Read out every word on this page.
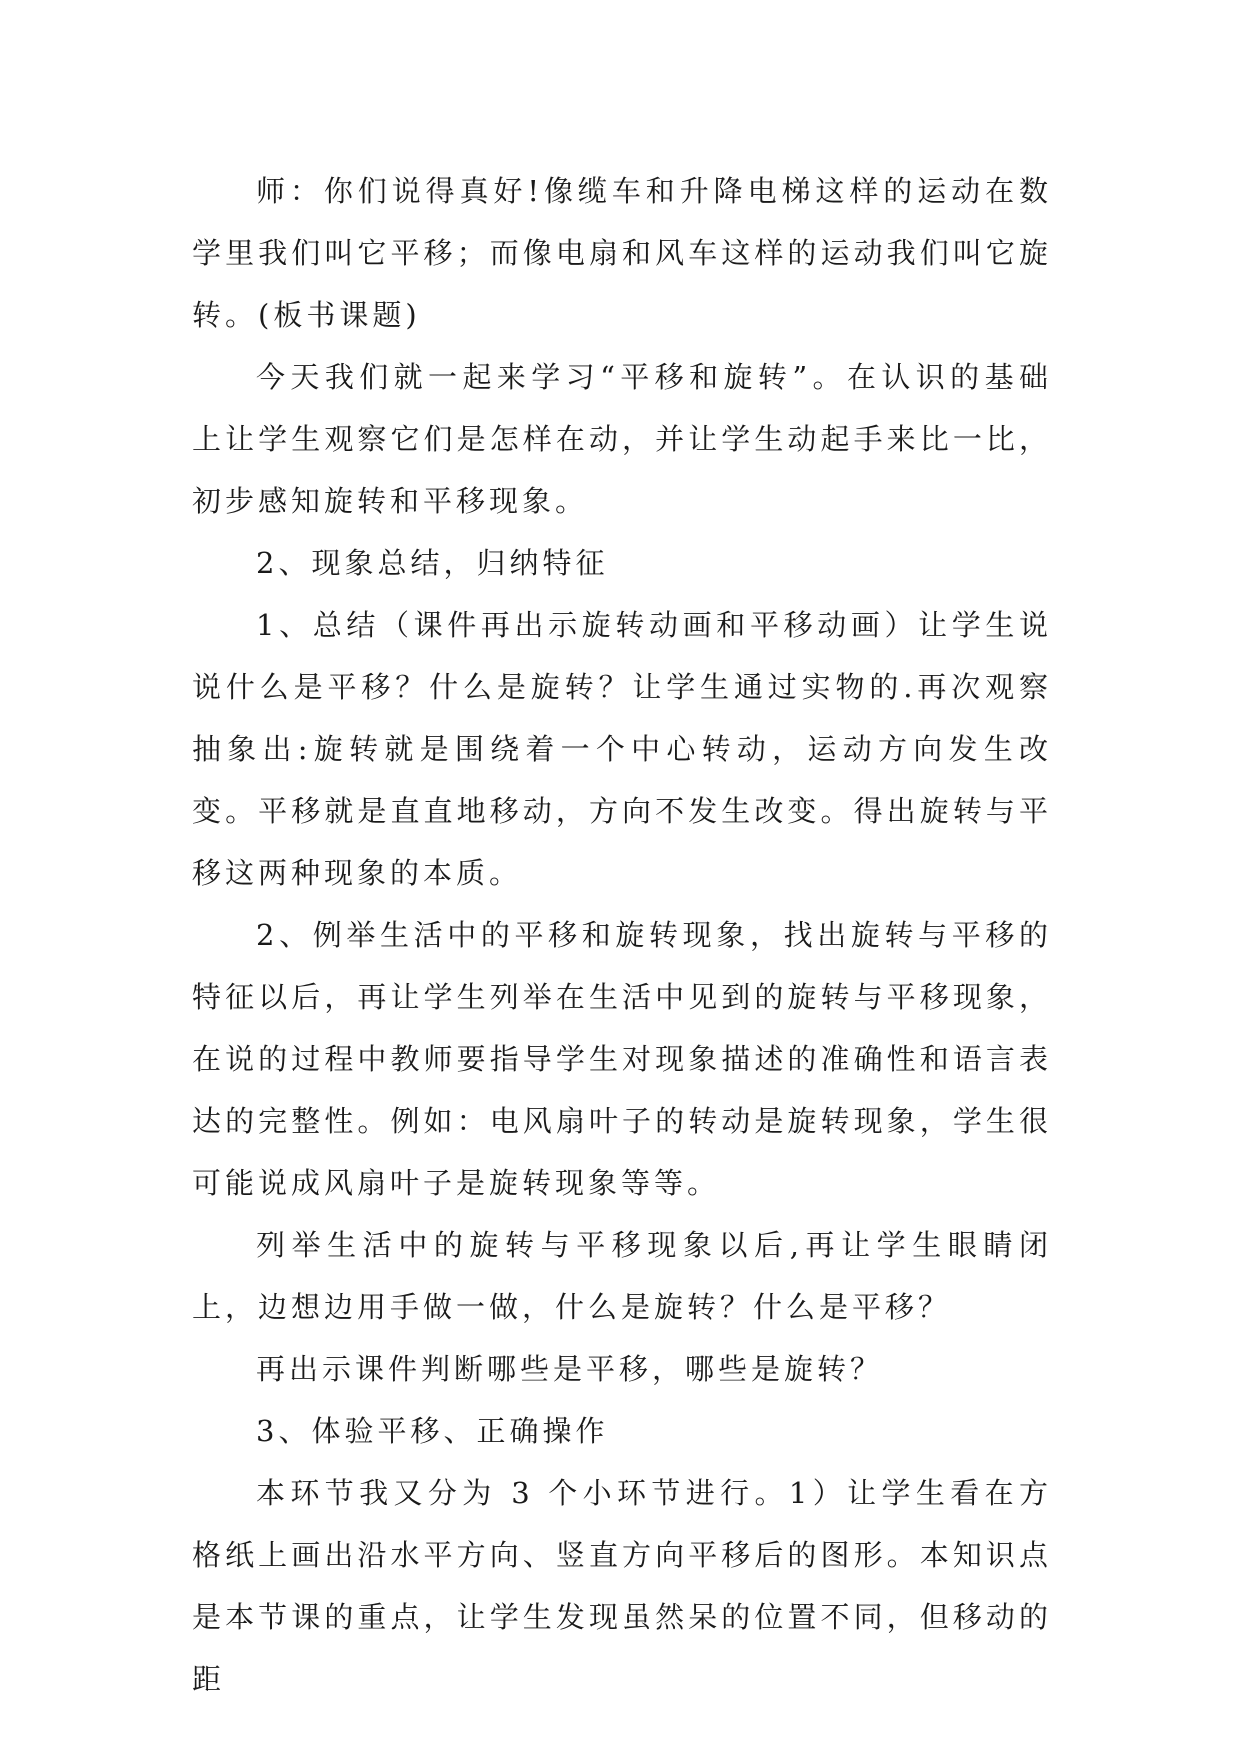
师：你们说得真好!像缆车和升降电梯这样的运动在数学里我们叫它平移；而像电扇和风车这样的运动我们叫它旋转。(板书课题)

今天我们就一起来学习“平移和旋转”。在认识的基础上让学生观察它们是怎样在动，并让学生动起手来比一比，初步感知旋转和平移现象。

2、现象总结，归纳特征

1、总结（课件再出示旋转动画和平移动画）让学生说说什么是平移？什么是旋转？让学生通过实物的.再次观察抽象出:旋转就是围绕着一个中心转动，运动方向发生改变。平移就是直直地移动，方向不发生改变。得出旋转与平移这两种现象的本质。

2、例举生活中的平移和旋转现象，找出旋转与平移的特征以后，再让学生列举在生活中见到的旋转与平移现象，在说的过程中教师要指导学生对现象描述的准确性和语言表达的完整性。例如：电风扇叶子的转动是旋转现象，学生很可能说成风扇叶子是旋转现象等等。

列举生活中的旋转与平移现象以后,再让学生眼睛闭上，边想边用手做一做，什么是旋转？什么是平移？

再出示课件判断哪些是平移，哪些是旋转？

3、体验平移、正确操作

本环节我又分为 3 个小环节进行。1）让学生看在方格纸上画出沿水平方向、竖直方向平移后的图形。本知识点是本节课的重点，让学生发现虽然呆的位置不同，但移动的距
